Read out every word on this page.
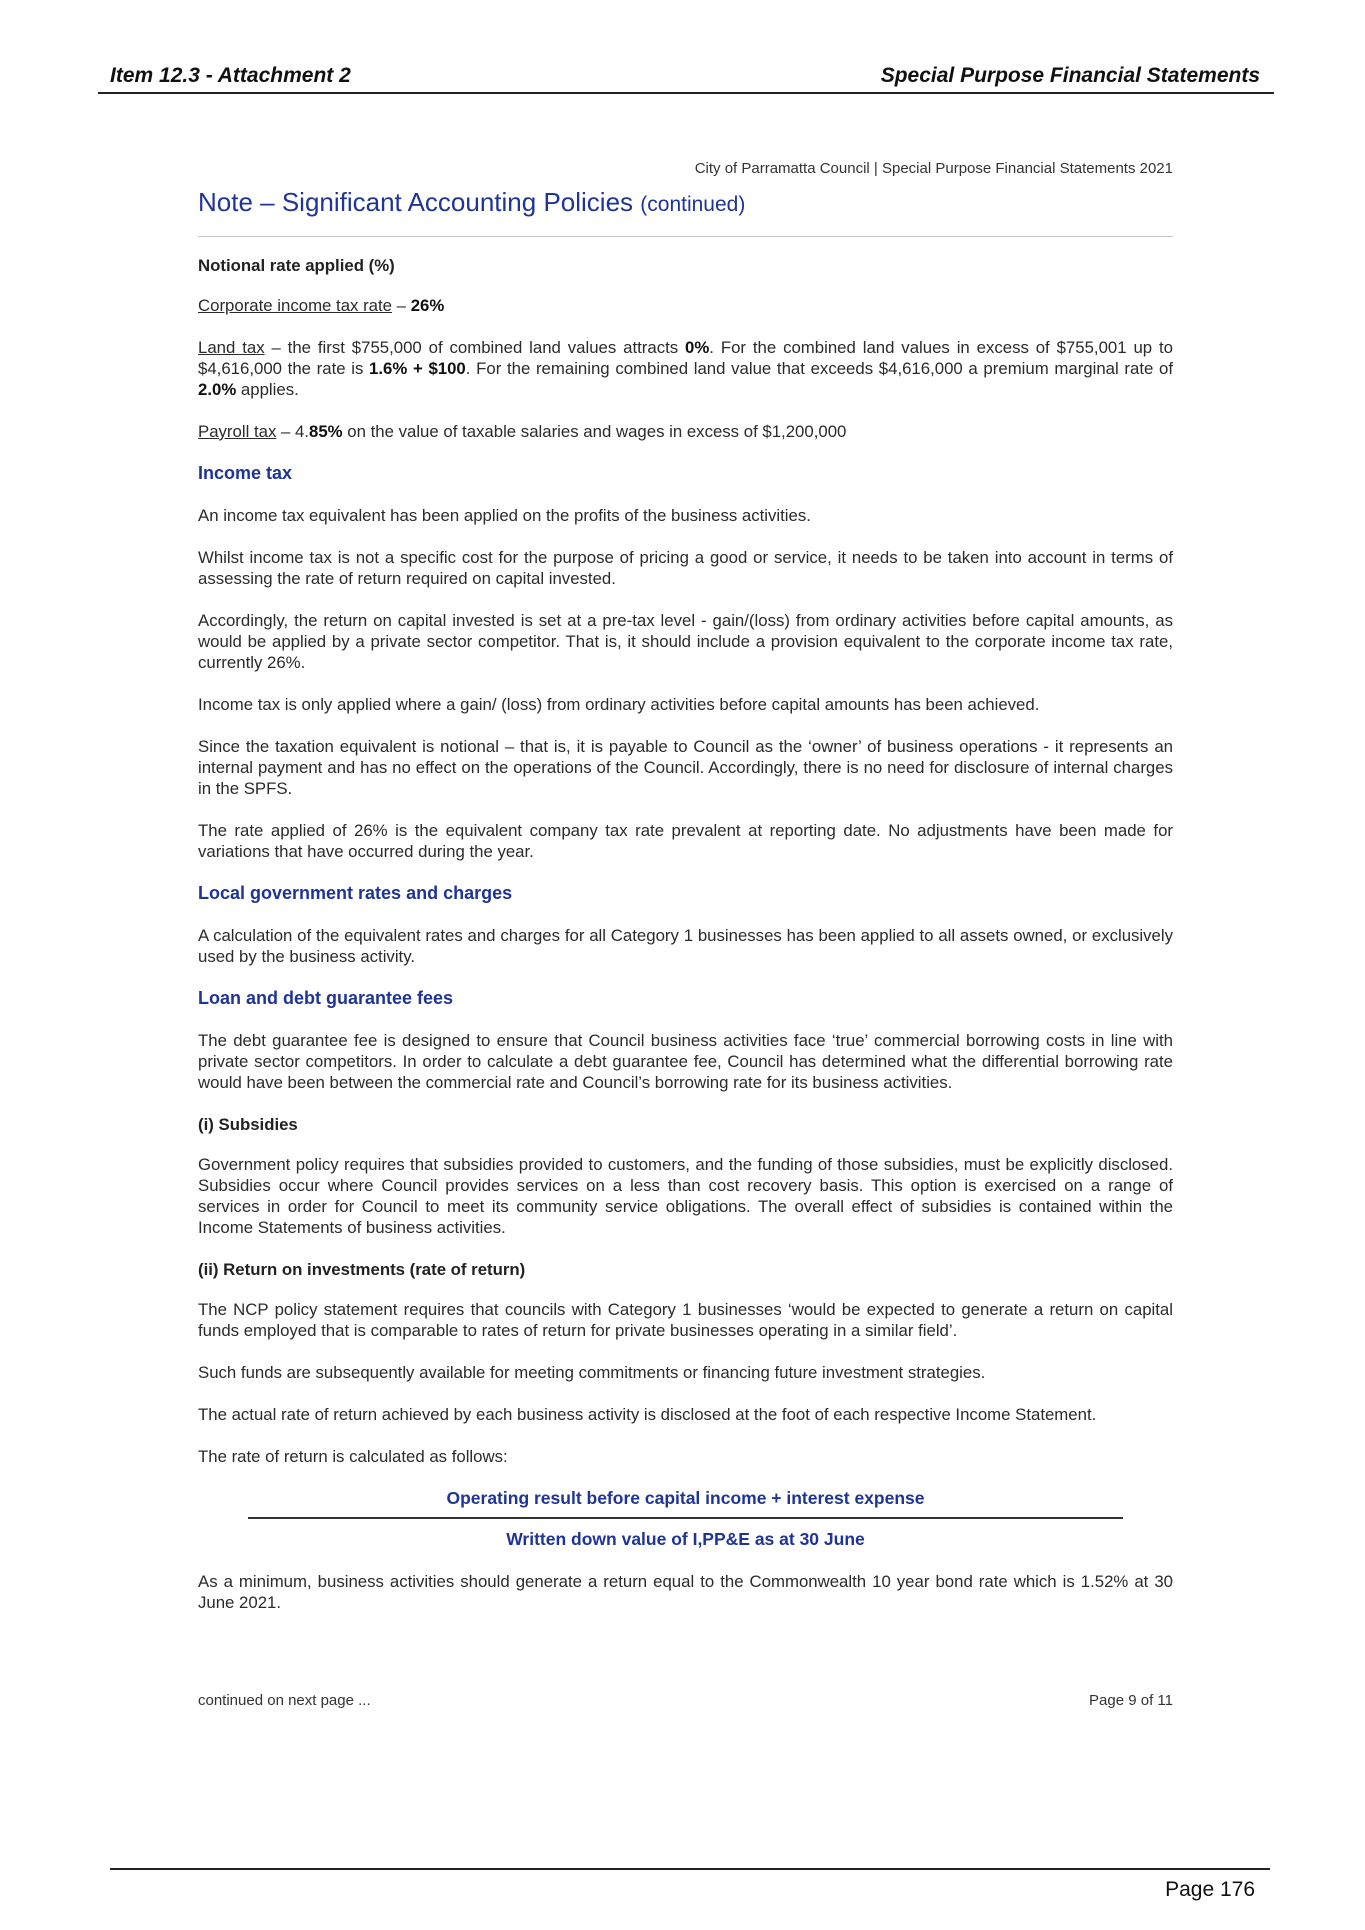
Item 12.3 - Attachment 2	Special Purpose Financial Statements
City of Parramatta Council | Special Purpose Financial Statements 2021
Note – Significant Accounting Policies (continued)
Notional rate applied (%)

Corporate income tax rate – 26%

Land tax – the first $755,000 of combined land values attracts 0%. For the combined land values in excess of $755,001 up to $4,616,000 the rate is 1.6% + $100. For the remaining combined land value that exceeds $4,616,000 a premium marginal rate of 2.0% applies.

Payroll tax – 4.85% on the value of taxable salaries and wages in excess of $1,200,000

Income tax

An income tax equivalent has been applied on the profits of the business activities.

Whilst income tax is not a specific cost for the purpose of pricing a good or service, it needs to be taken into account in terms of assessing the rate of return required on capital invested.

Accordingly, the return on capital invested is set at a pre-tax level - gain/(loss) from ordinary activities before capital amounts, as would be applied by a private sector competitor. That is, it should include a provision equivalent to the corporate income tax rate, currently 26%.

Income tax is only applied where a gain/ (loss) from ordinary activities before capital amounts has been achieved.

Since the taxation equivalent is notional – that is, it is payable to Council as the ‘owner’ of business operations - it represents an internal payment and has no effect on the operations of the Council. Accordingly, there is no need for disclosure of internal charges in the SPFS.

The rate applied of 26% is the equivalent company tax rate prevalent at reporting date. No adjustments have been made for variations that have occurred during the year.

Local government rates and charges

A calculation of the equivalent rates and charges for all Category 1 businesses has been applied to all assets owned, or exclusively used by the business activity.

Loan and debt guarantee fees

The debt guarantee fee is designed to ensure that Council business activities face ‘true’ commercial borrowing costs in line with private sector competitors. In order to calculate a debt guarantee fee, Council has determined what the differential borrowing rate would have been between the commercial rate and Council’s borrowing rate for its business activities.

(i) Subsidies

Government policy requires that subsidies provided to customers, and the funding of those subsidies, must be explicitly disclosed. Subsidies occur where Council provides services on a less than cost recovery basis. This option is exercised on a range of services in order for Council to meet its community service obligations. The overall effect of subsidies is contained within the Income Statements of business activities.

(ii) Return on investments (rate of return)

The NCP policy statement requires that councils with Category 1 businesses ‘would be expected to generate a return on capital funds employed that is comparable to rates of return for private businesses operating in a similar field’.

Such funds are subsequently available for meeting commitments or financing future investment strategies.

The actual rate of return achieved by each business activity is disclosed at the foot of each respective Income Statement.

The rate of return is calculated as follows:

Operating result before capital income + interest expense
Written down value of I,PP&E as at 30 June

As a minimum, business activities should generate a return equal to the Commonwealth 10 year bond rate which is 1.52% at 30 June 2021.

continued on next page ...	Page 9 of 11
Page 176
